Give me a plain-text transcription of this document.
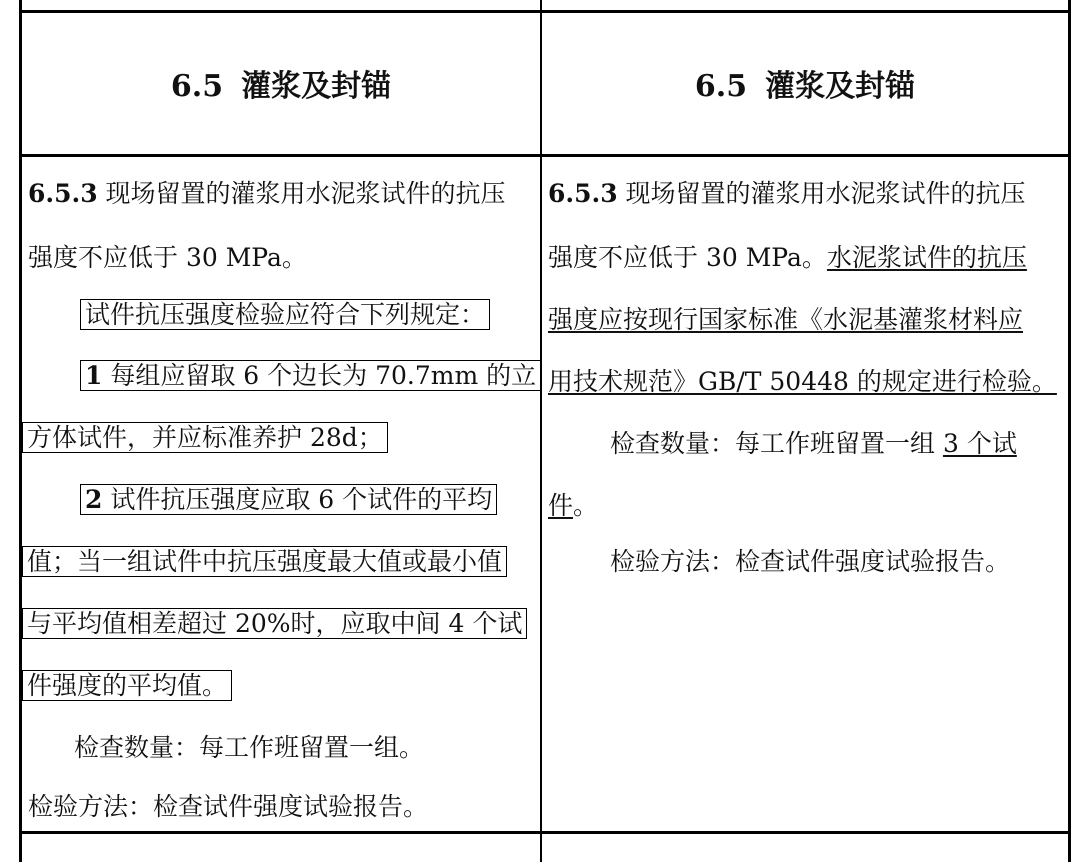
6.5 灌浆及封锚	6.5 灌浆及封锚
6.5.3 现场留置的灌浆用水泥浆试件的抗压
强度不应低于 30 MPa。
试件抗压强度检验应符合下列规定：
1 每组应留取 6 个边长为 70.7mm 的立
方体试件，并应标准养护 28d；
2 试件抗压强度应取 6 个试件的平均
值；当一组试件中抗压强度最大值或最小值
与平均值相差超过 20%时，应取中间 4 个试
件强度的平均值。
检查数量：每工作班留置一组。
检验方法：检查试件强度试验报告。
6.5.3 现场留置的灌浆用水泥浆试件的抗压
强度不应低于 30 MPa。水泥浆试件的抗压
强度应按现行国家标准《水泥基灌浆材料应
用技术规范》GB/T 50448 的规定进行检验。
检查数量：每工作班留置一组 3 个试
件。
检验方法：检查试件强度试验报告。
